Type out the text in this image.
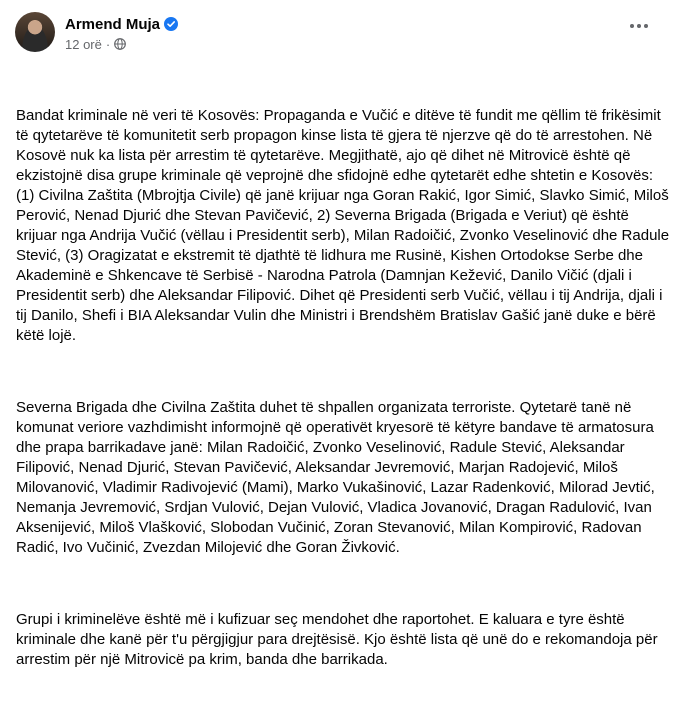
Armend Muja
12 orë ·

Bandat kriminale në veri të Kosovës: Propaganda e Vučić e ditëve të fundit me qëllim të frikësimit të qytetarëve të komunitetit serb propagon kinse lista të gjera të njerzve që do të arrestohen. Në Kosovë nuk ka lista për arrestim të qytetarëve. Megjithatë, ajo që dihet në Mitrovicë është që ekzistojnë disa grupe kriminale që veprojnë dhe sfidojnë edhe qytetarët edhe shtetin e Kosovës: (1) Civilna Zaštita (Mbrojtja Civile) që janë krijuar nga Goran Rakić, Igor Simić, Slavko Simić, Miloš Perović, Nenad Djurić dhe Stevan Pavičević, 2) Severna Brigada (Brigada e Veriut) që është krijuar nga Andrija Vučić (vëllau i Presidentit serb), Milan Radoičić, Zvonko Veselinović dhe Radule Stević, (3) Oragizatat e ekstremit të djathtë të lidhura me Rusinë, Kishen Ortodokse Serbe dhe Akademinë e Shkencave të Serbisë - Narodna Patrola (Damnjan Kežević, Danilo Vičić (djali i Presidentit serb) dhe Aleksandar Filipović. Dihet që Presidenti serb Vučić, vëllau i tij Andrija, djali i tij Danilo, Shefi i BIA Aleksandar Vulin dhe Ministri i Brendshëm Bratislav Gašić janë duke e bërë këtë lojë.

Severna Brigada dhe Civilna Zaštita duhet të shpallen organizata terroriste. Qytetarë tanë në komunat veriore vazhdimisht informojnë që operativët kryesorë të këtyre bandave të armatosura dhe prapa barrikadave janë: Milan Radoičić, Zvonko Veselinović, Radule Stević, Aleksandar Filipović, Nenad Djurić, Stevan Pavičević, Aleksandar Jevremović, Marjan Radojević, Miloš Milovanović, Vladimir Radivojević (Mami), Marko Vukašinović, Lazar Radenković, Milorad Jevtić, Nemanja Jevremović, Srdjan Vulović, Dejan Vulović, Vladica Jovanović, Dragan Radulović, Ivan Aksenijević, Miloš Vlašković, Slobodan Vučinić, Zoran Stevanović, Milan Kompirović, Radovan Radić, Ivo Vučinić, Zvezdan Milojević dhe Goran Živković.

Grupi i kriminelëve është më i kufizuar seç mendohet dhe raportohet. E kaluara e tyre është kriminale dhe kanë për t'u përgjigjur para drejtësisë. Kjo është lista që unë do e rekomandoja për arrestim për një Mitrovicë pa krim, banda dhe barrikada.
